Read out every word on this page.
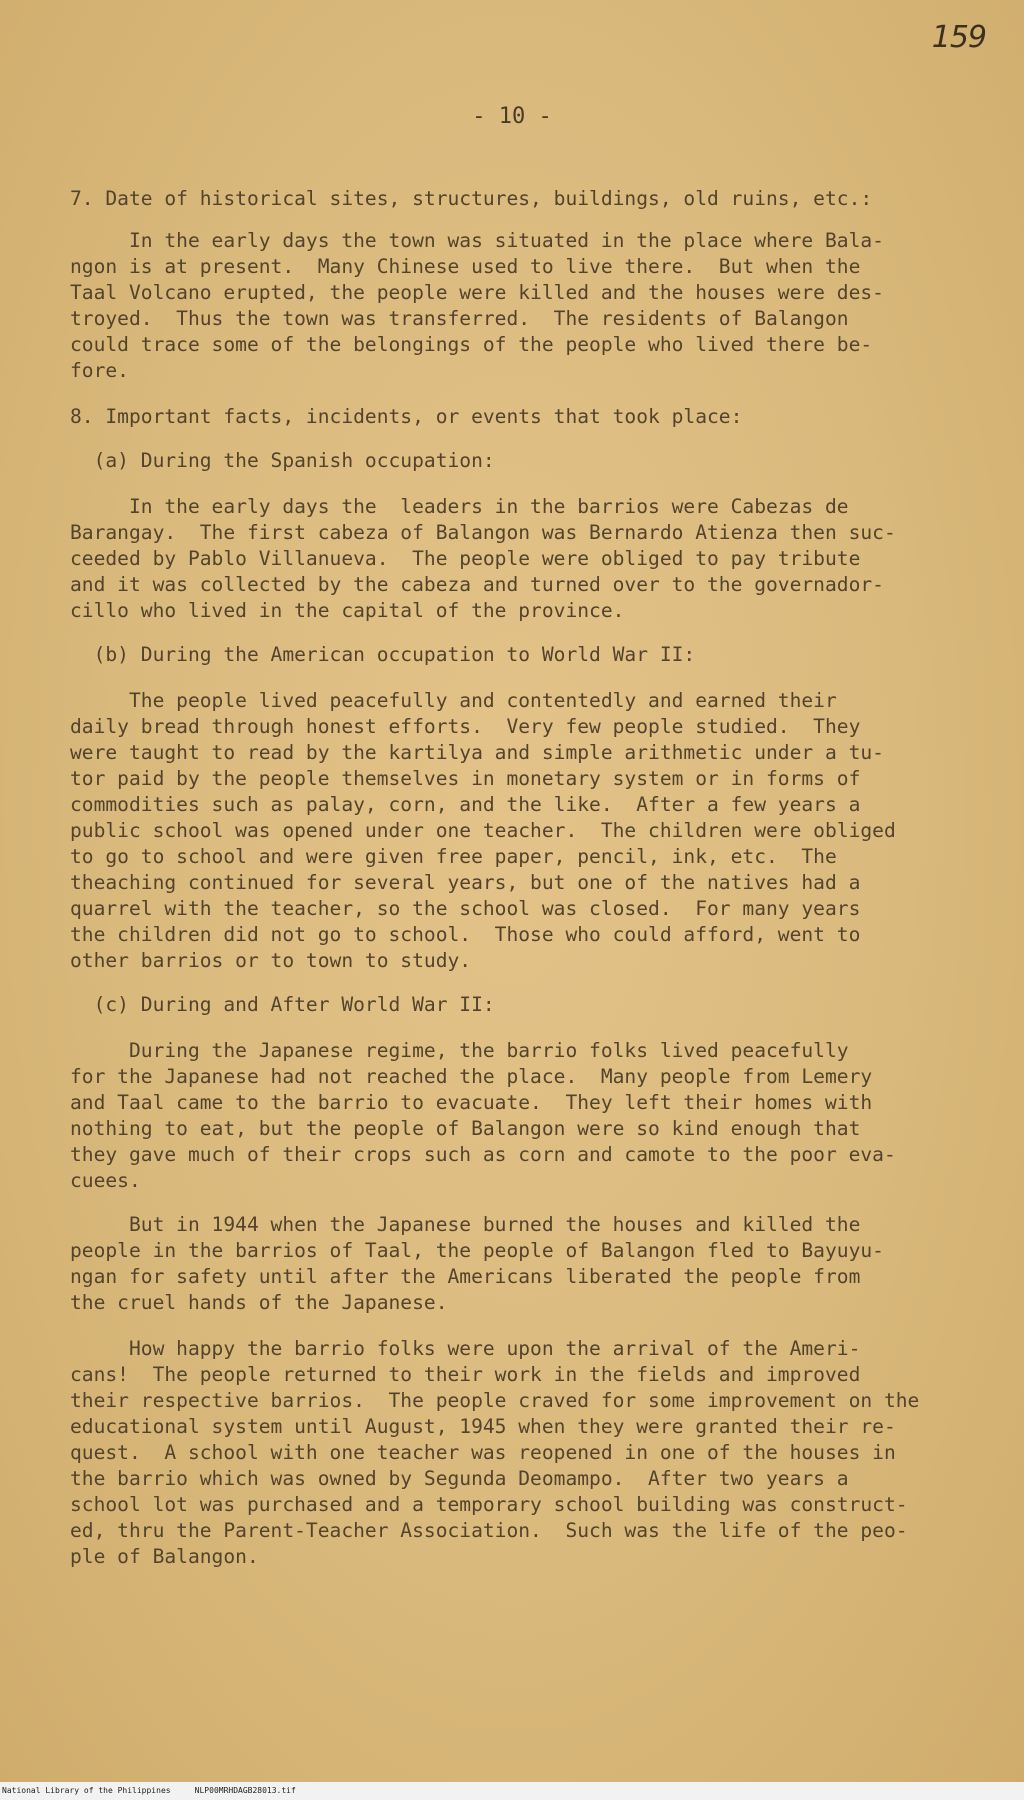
159
- 10 -
7. Date of historical sites, structures, buildings, old ruins, etc.:
In the early days the town was situated in the place where Bala-
ngon is at present.  Many Chinese used to live there.  But when the
Taal Volcano erupted, the people were killed and the houses were des-
troyed.  Thus the town was transferred.  The residents of Balangon
could trace some of the belongings of the people who lived there be-
fore.
8. Important facts, incidents, or events that took place:
(a) During the Spanish occupation:
In the early days the  leaders in the barrios were Cabezas de
Barangay.  The first cabeza of Balangon was Bernardo Atienza then suc-
ceeded by Pablo Villanueva.  The people were obliged to pay tribute
and it was collected by the cabeza and turned over to the governador-
cillo who lived in the capital of the province.
(b) During the American occupation to World War II:
The people lived peacefully and contentedly and earned their
daily bread through honest efforts.  Very few people studied.  They
were taught to read by the kartilya and simple arithmetic under a tu-
tor paid by the people themselves in monetary system or in forms of
commodities such as palay, corn, and the like.  After a few years a
public school was opened under one teacher.  The children were obliged
to go to school and were given free paper, pencil, ink, etc.  The
theaching continued for several years, but one of the natives had a
quarrel with the teacher, so the school was closed.  For many years
the children did not go to school.  Those who could afford, went to
other barrios or to town to study.
(c) During and After World War II:
During the Japanese regime, the barrio folks lived peacefully
for the Japanese had not reached the place.  Many people from Lemery
and Taal came to the barrio to evacuate.  They left their homes with
nothing to eat, but the people of Balangon were so kind enough that
they gave much of their crops such as corn and camote to the poor eva-
cuees.
But in 1944 when the Japanese burned the houses and killed the
people in the barrios of Taal, the people of Balangon fled to Bayuyu-
ngan for safety until after the Americans liberated the people from
the cruel hands of the Japanese.
How happy the barrio folks were upon the arrival of the Ameri-
cans!  The people returned to their work in the fields and improved
their respective barrios.  The people craved for some improvement on the
educational system until August, 1945 when they were granted their re-
quest.  A school with one teacher was reopened in one of the houses in
the barrio which was owned by Segunda Deomampo.  After two years a
school lot was purchased and a temporary school building was construct-
ed, thru the Parent-Teacher Association.  Such was the life of the peo-
ple of Balangon.
National Library of the Philippines	NLP00MRHDAGB28013.tif
